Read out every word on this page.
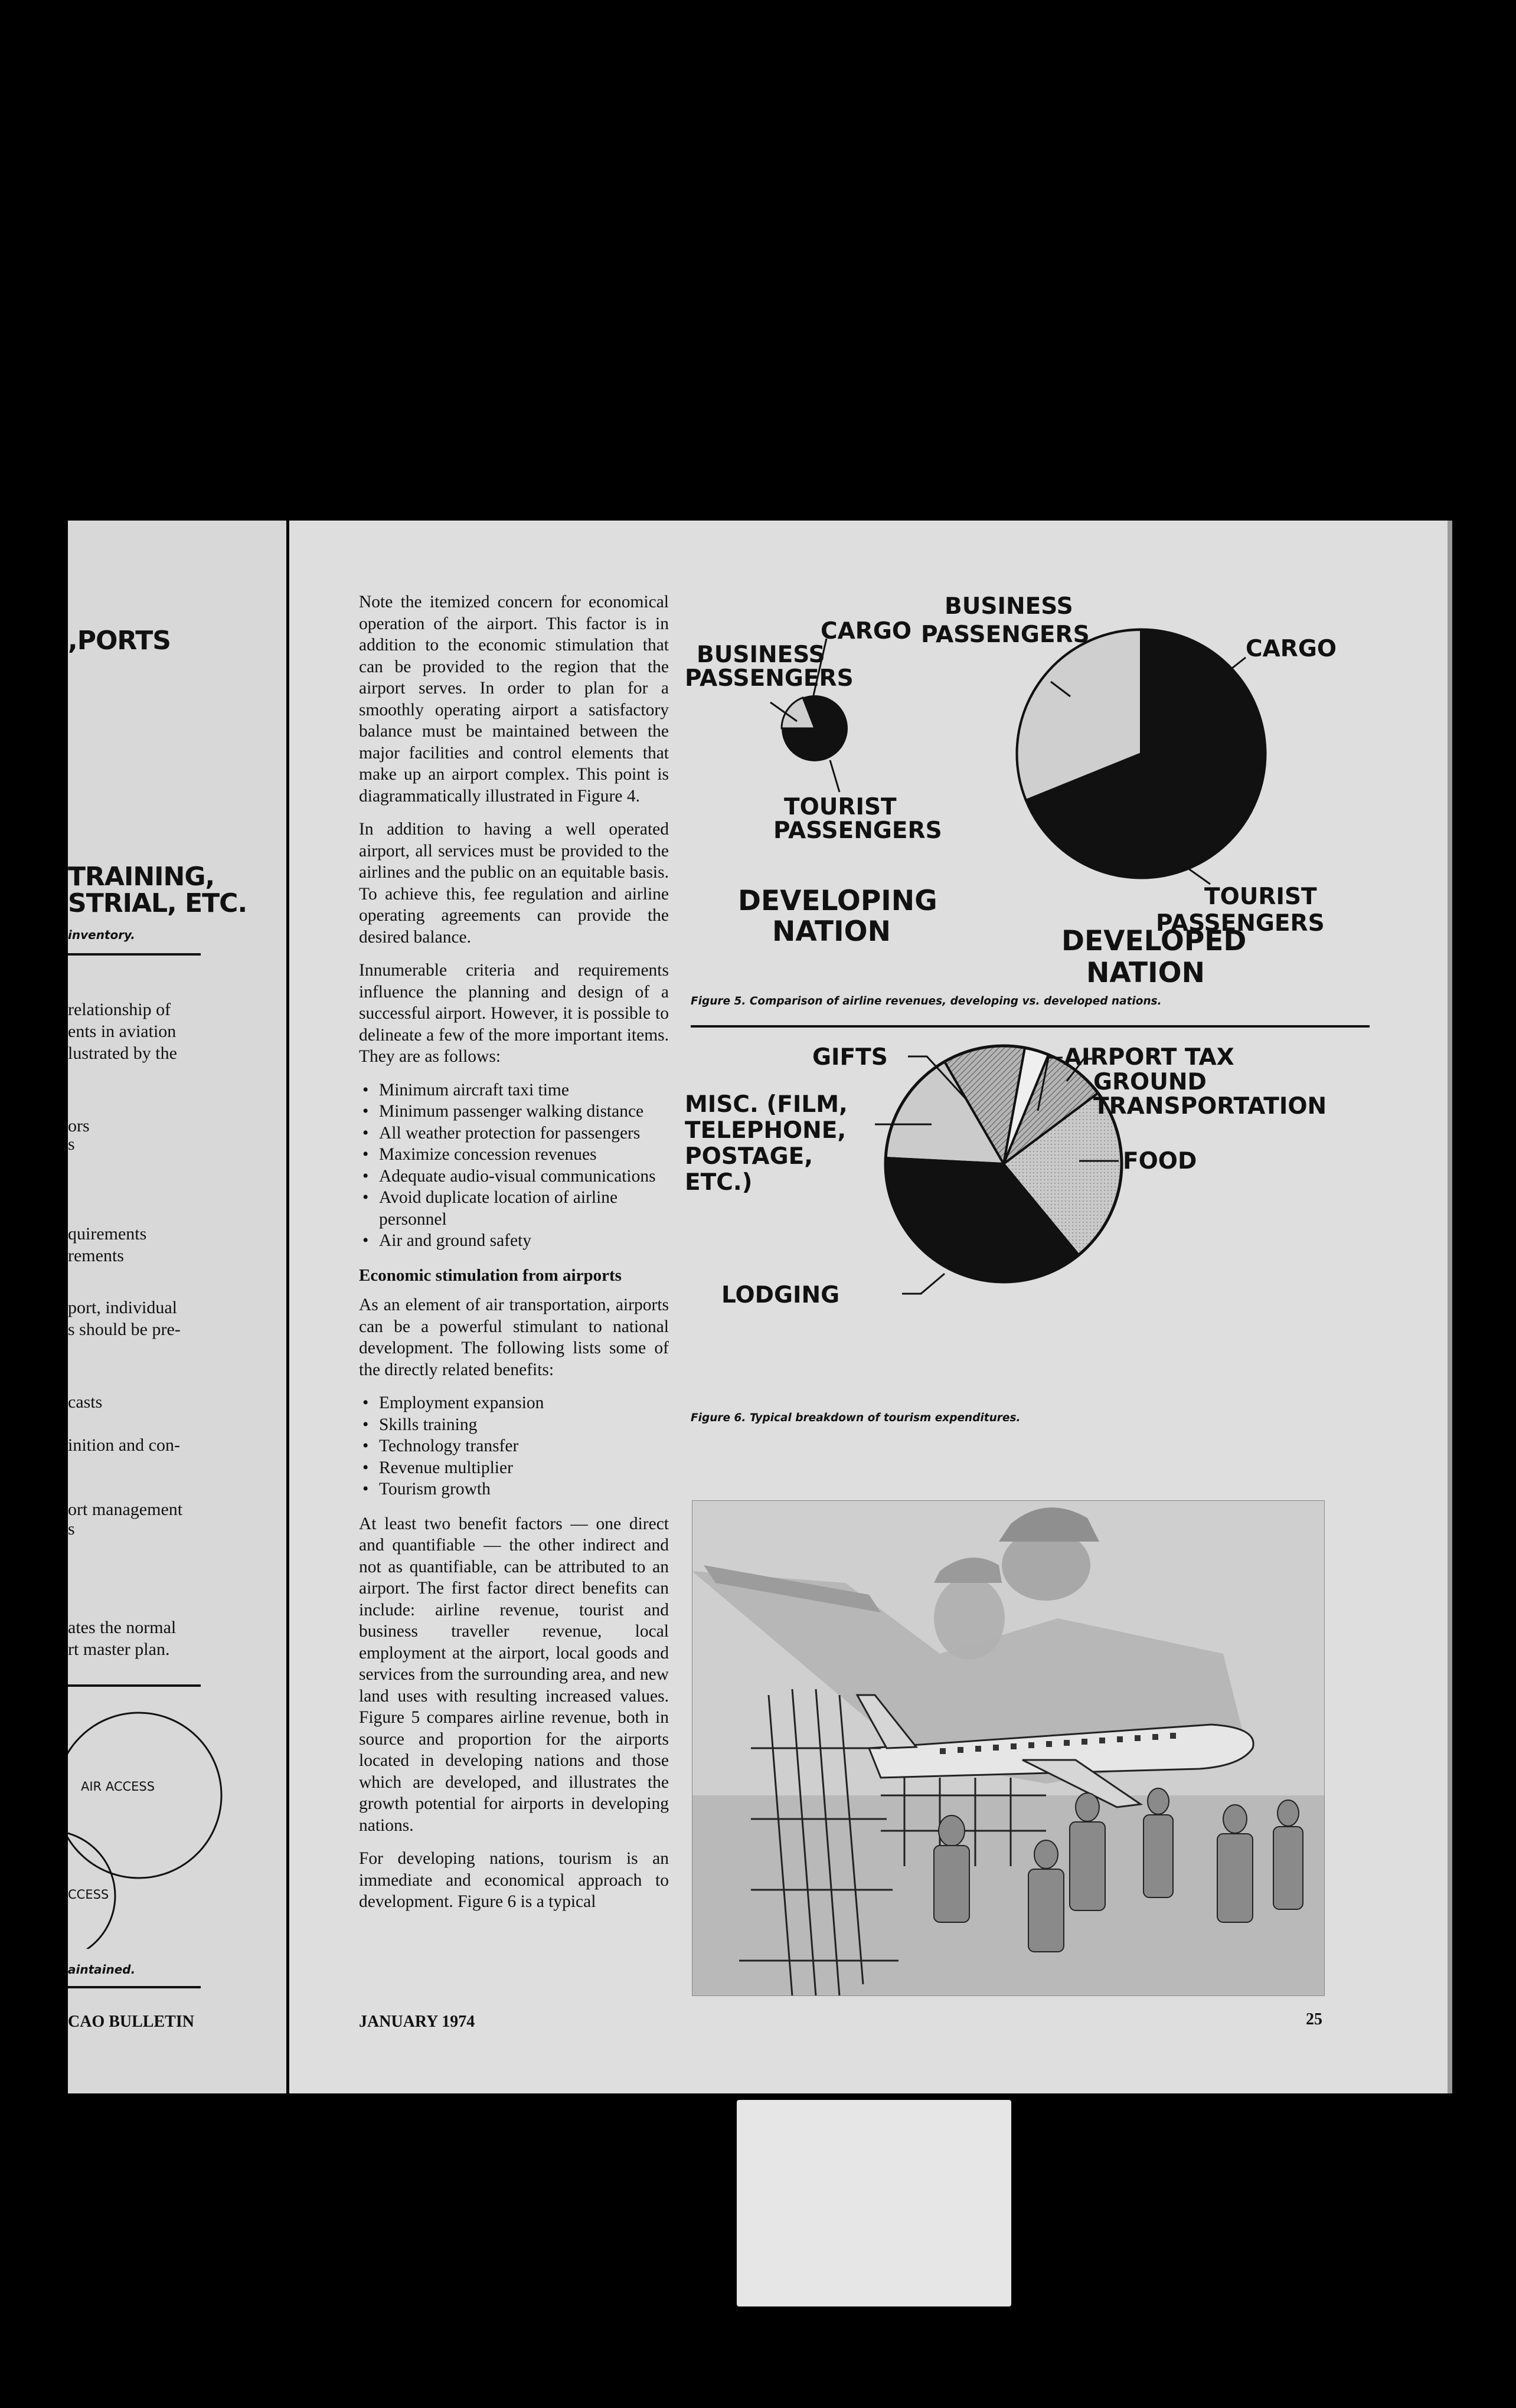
,PORTS
TRAINING,
STRIAL, ETC.
inventory.
relationship of
ents in aviation
lustrated by the
ors
s
quirements
rements
port, individual
s should be pre-
casts
inition and con-
ort management
s
ates the normal
rt master plan.
AIR ACCESS
CCESS
aintained.
CAO BULLETIN

Note the itemized concern for economical operation of the airport. This factor is in addition to the economic stimulation that can be provided to the region that the airport serves. In order to plan for a smoothly operating airport a satisfactory balance must be maintained between the major facilities and control elements that make up an airport complex. This point is diagrammatically illustrated in Figure 4.

In addition to having a well operated airport, all services must be provided to the airlines and the public on an equitable basis. To achieve this, fee regulation and airline operating agreements can provide the desired balance.

Innumerable criteria and requirements influence the planning and design of a successful airport. However, it is possible to delineate a few of the more important items. They are as follows:

• Minimum aircraft taxi time
• Minimum passenger walking distance
• All weather protection for passengers
• Maximize concession revenues
• Adequate audio-visual communications
• Avoid duplicate location of airline personnel
• Air and ground safety
Economic stimulation from airports

As an element of air transportation, airports can be a powerful stimulant to national development. The following lists some of the directly related benefits:

• Employment expansion
• Skills training
• Technology transfer
• Revenue multiplier
• Tourism growth

At least two benefit factors — one direct and quantifiable — the other indirect and not as quantifiable, can be attributed to an airport. The first factor direct benefits can include: airline revenue, tourist and business traveller revenue, local employment at the airport, local goods and services from the surrounding area, and new land uses with resulting increased values. Figure 5 compares airline revenue, both in source and proportion for the airports located in developing nations and those which are developed, and illustrates the growth potential for airports in developing nations.

For developing nations, tourism is an immediate and economical approach to development. Figure 6 is a typical

CARGO
BUSINESS
PASSENGERS
TOURIST
PASSENGERS
DEVELOPING
NATION
BUSINESS
PASSENGERS
CARGO
TOURIST
PASSENGERS
DEVELOPED
NATION
Figure 5. Comparison of airline revenues, developing vs. developed nations.
GIFTS	AIRPORT TAX
GROUND
TRANSPORTATION
MISC. (FILM,
TELEPHONE,
POSTAGE,
ETC.)
FOOD
LODGING
Figure 6. Typical breakdown of tourism expenditures.
JANUARY 1974	25
